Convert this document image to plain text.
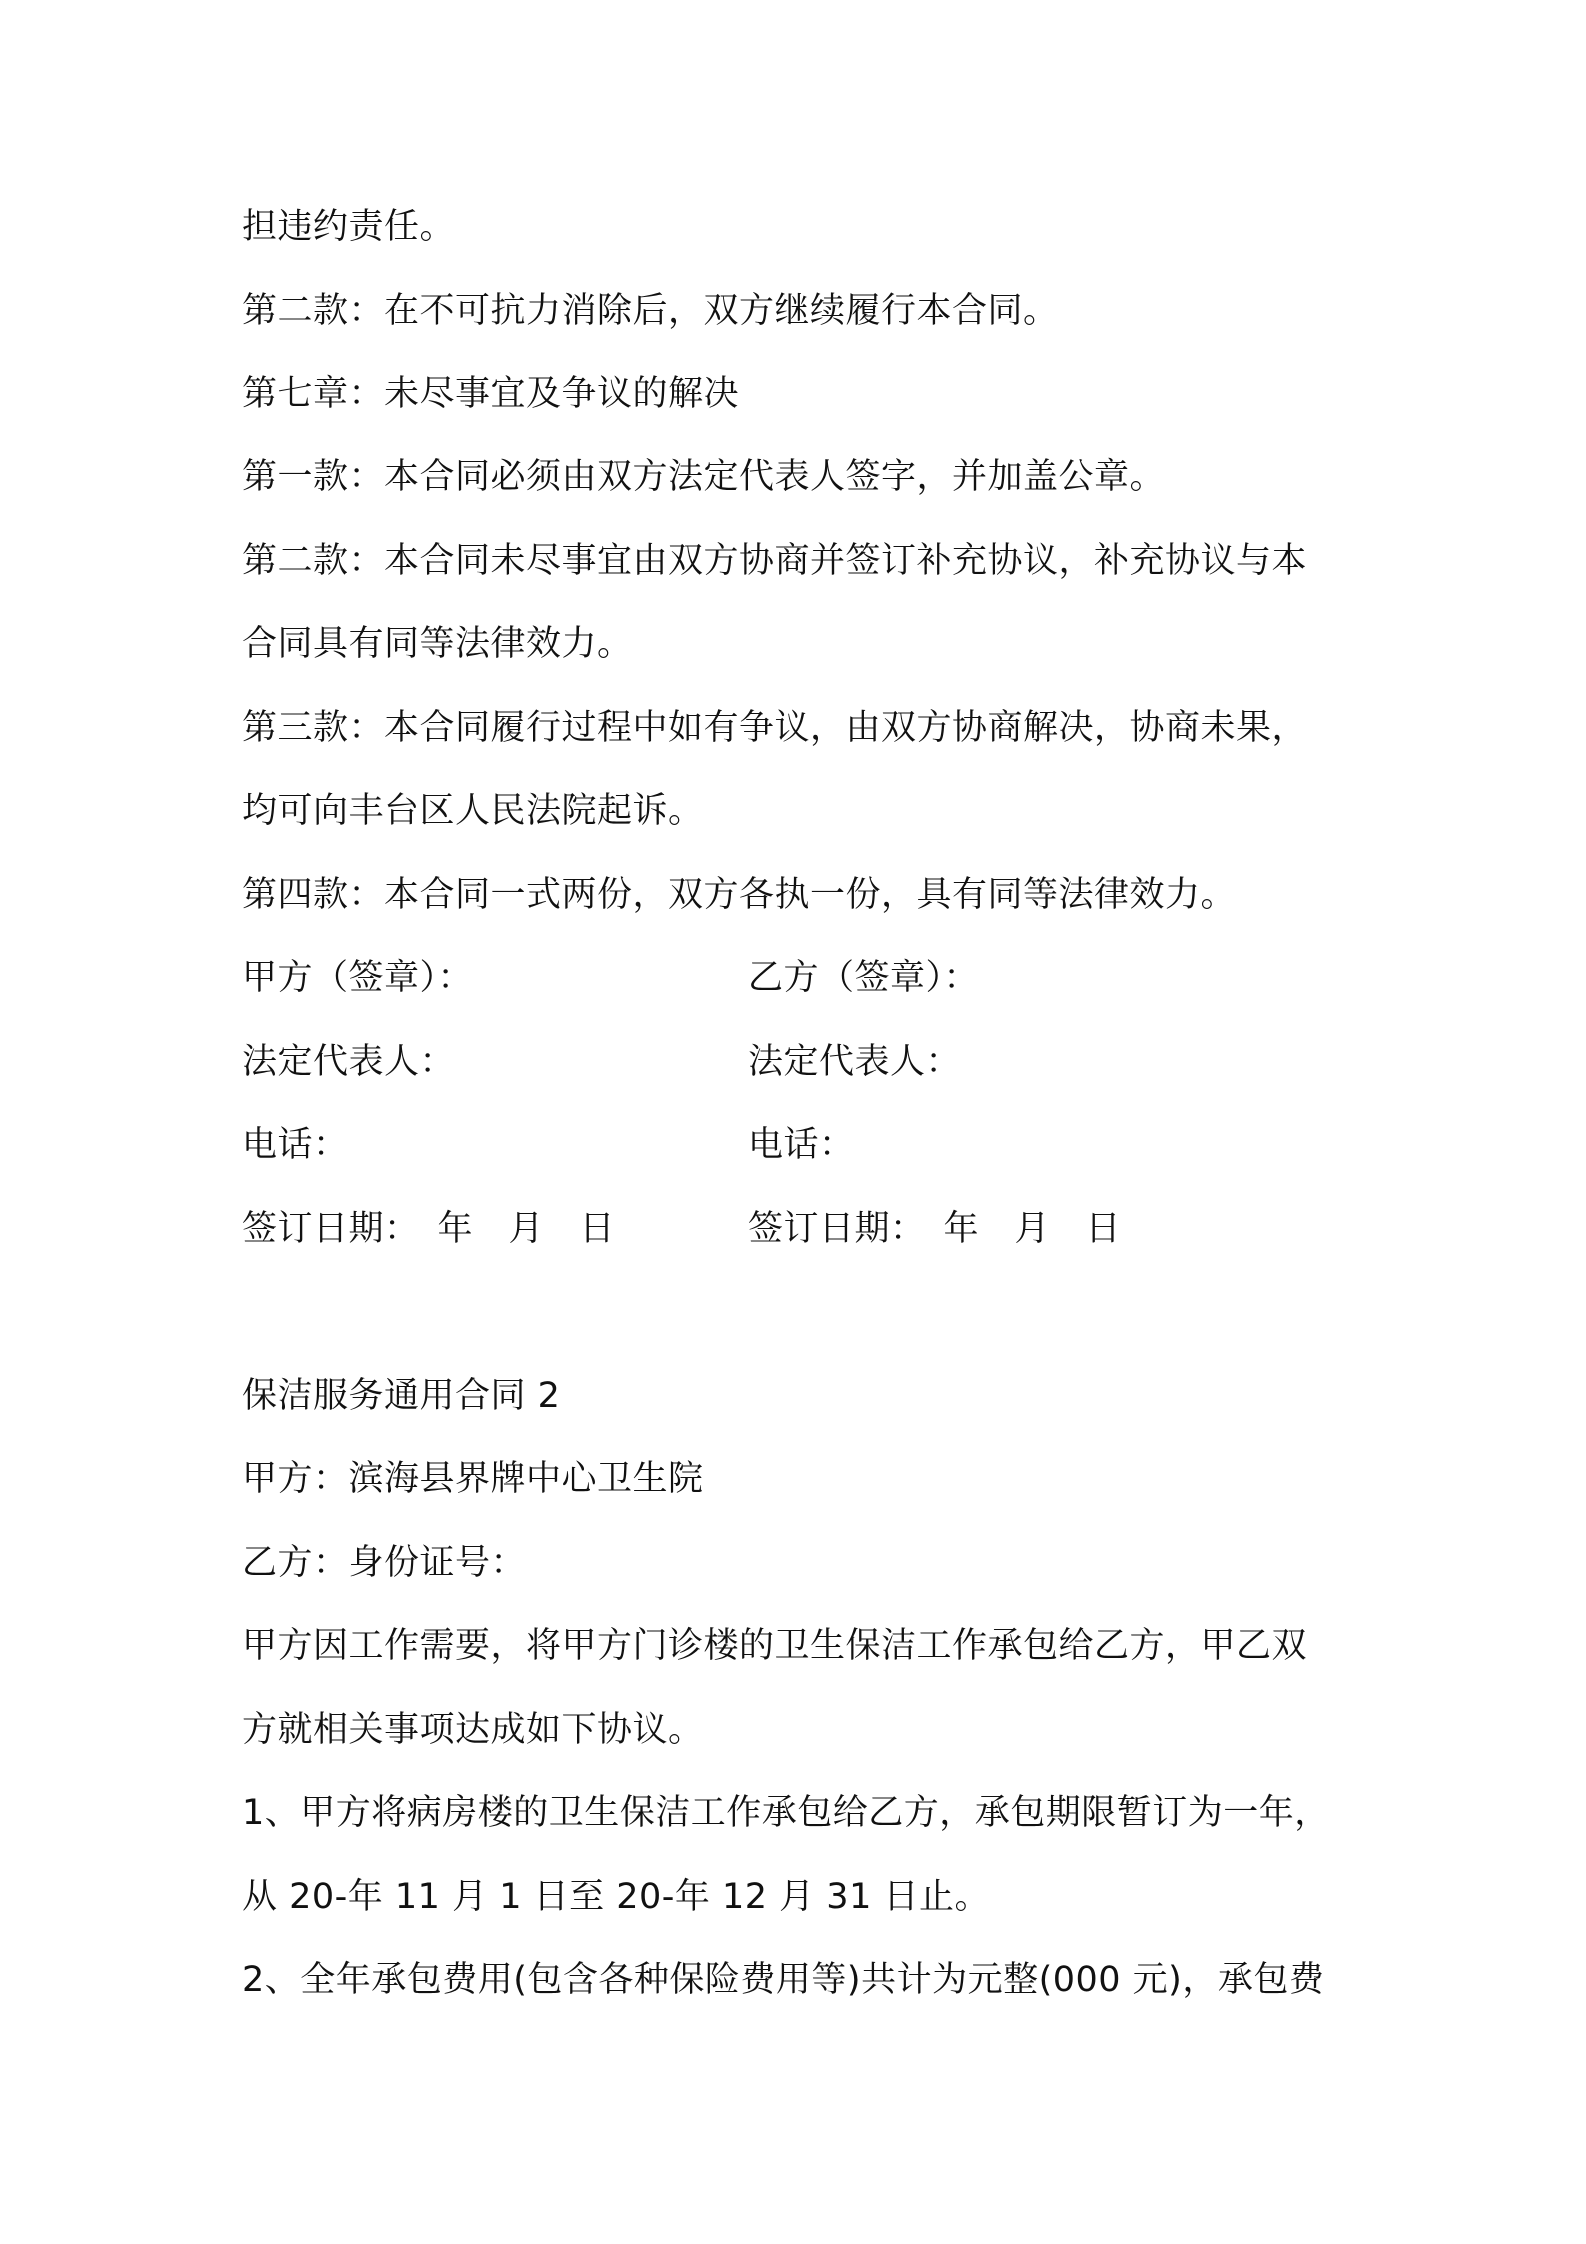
担违约责任。
第二款：在不可抗力消除后，双方继续履行本合同。
第七章：未尽事宜及争议的解决
第一款：本合同必须由双方法定代表人签字，并加盖公章。
第二款：本合同未尽事宜由双方协商并签订补充协议，补充协议与本
合同具有同等法律效力。
第三款：本合同履行过程中如有争议，由双方协商解决，协商未果，
均可向丰台区人民法院起诉。
第四款：本合同一式两份，双方各执一份，具有同等法律效力。
甲方（签章）：	乙方（签章）：
法定代表人：	法定代表人：
电话：	电话：
签订日期：　年　月　日	签订日期：　年　月　日
保洁服务通用合同 2
甲方：滨海县界牌中心卫生院
乙方：身份证号：
甲方因工作需要，将甲方门诊楼的卫生保洁工作承包给乙方，甲乙双
方就相关事项达成如下协议。
1、甲方将病房楼的卫生保洁工作承包给乙方，承包期限暂订为一年，
从 20-年 11 月 1 日至 20-年 12 月 31 日止。
2、全年承包费用(包含各种保险费用等)共计为元整(000 元)，承包费
